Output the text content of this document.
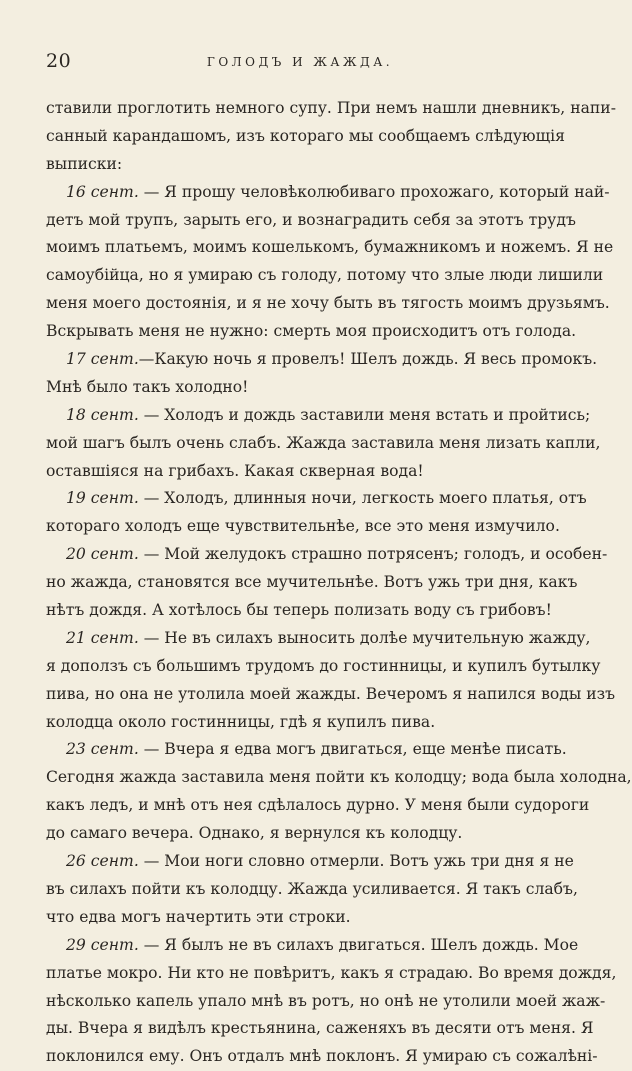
20	ГОЛОДЪ И ЖАЖДА.
ставили проглотить немного супу. При немъ нашли дневникъ, напи-
санный карандашомъ, изъ котораго мы сообщаемъ слѣдующія
выписки:
16 сент. — Я прошу человѣколюбиваго прохожаго, который най-
детъ мой трупъ, зарыть его, и вознаградить себя за этотъ трудъ
моимъ платьемъ, моимъ кошелькомъ, бумажникомъ и ножемъ. Я не
самоубійца, но я умираю съ голоду, потому что злые люди лишили
меня моего достоянія, и я не хочу быть въ тягость моимъ друзьямъ.
Вскрывать меня не нужно: смерть моя происходитъ отъ голода.
17 сент.—Какую ночь я провелъ! Шелъ дождь. Я весь промокъ.
Мнѣ было такъ холодно!
18 сент. — Холодъ и дождь заставили меня встать и пройтись;
мой шагъ былъ очень слабъ. Жажда заставила меня лизать капли,
оставшіяся на грибахъ. Какая скверная вода!
19 сент. — Холодъ, длинныя ночи, легкость моего платья, отъ
котораго холодъ еще чувствительнѣе, все это меня измучило.
20 сент. — Мой желудокъ страшно потрясенъ; голодъ, и особен-
но жажда, становятся все мучительнѣе. Вотъ ужь три дня, какъ
нѣтъ дождя. А хотѣлось бы теперь полизать воду съ грибовъ!
21 сент. — Не въ силахъ выносить долѣе мучительную жажду,
я доползъ съ большимъ трудомъ до гостинницы, и купилъ бутылку
пива, но она не утолила моей жажды. Вечеромъ я напился воды изъ
колодца около гостинницы, гдѣ я купилъ пива.
23 сент. — Вчера я едва могъ двигаться, еще менѣе писать.
Сегодня жажда заставила меня пойти къ колодцу; вода была холодна,
какъ ледъ, и мнѣ отъ нея сдѣлалось дурно. У меня были судороги
до самаго вечера. Однако, я вернулся къ колодцу.
26 сент. — Мои ноги словно отмерли. Вотъ ужь три дня я не
въ силахъ пойти къ колодцу. Жажда усиливается. Я такъ слабъ,
что едва могъ начертить эти строки.
29 сент. — Я былъ не въ силахъ двигаться. Шелъ дождь. Мое
платье мокро. Ни кто не повѣритъ, какъ я страдаю. Во время дождя,
нѣсколько капель упало мнѣ въ ротъ, но онѣ не утолили моей жаж-
ды. Вчера я видѣлъ крестьянина, саженяхъ въ десяти отъ меня. Я
поклонился ему. Онъ отдалъ мнѣ поклонъ. Я умираю съ сожалѣні-
